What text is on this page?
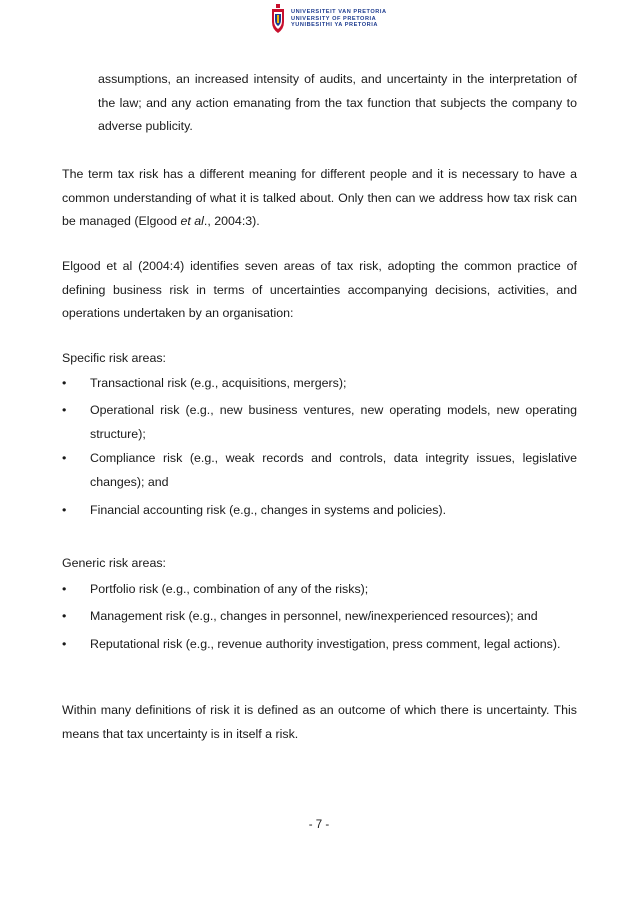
UNIVERSITEIT VAN PRETORIA
UNIVERSITY OF PRETORIA
YUNIBESITHI YA PRETORIA
assumptions, an increased intensity of audits, and uncertainty in the interpretation of the law; and any action emanating from the tax function that subjects the company to adverse publicity.
The term tax risk has a different meaning for different people and it is necessary to have a common understanding of what it is talked about. Only then can we address how tax risk can be managed (Elgood et al., 2004:3).
Elgood et al (2004:4) identifies seven areas of tax risk, adopting the common practice of defining business risk in terms of uncertainties accompanying decisions, activities, and operations undertaken by an organisation:
Specific risk areas:
•	Transactional risk (e.g., acquisitions, mergers);
•	Operational risk (e.g., new business ventures, new operating models, new operating structure);
•	Compliance risk (e.g., weak records and controls, data integrity issues, legislative changes); and
•	Financial accounting risk (e.g., changes in systems and policies).
Generic risk areas:
•	Portfolio risk (e.g., combination of any of the risks);
•	Management risk (e.g., changes in personnel, new/inexperienced resources); and
•	Reputational risk (e.g., revenue authority investigation, press comment, legal actions).
Within many definitions of risk it is defined as an outcome of which there is uncertainty. This means that tax uncertainty is in itself a risk.
- 7 -
